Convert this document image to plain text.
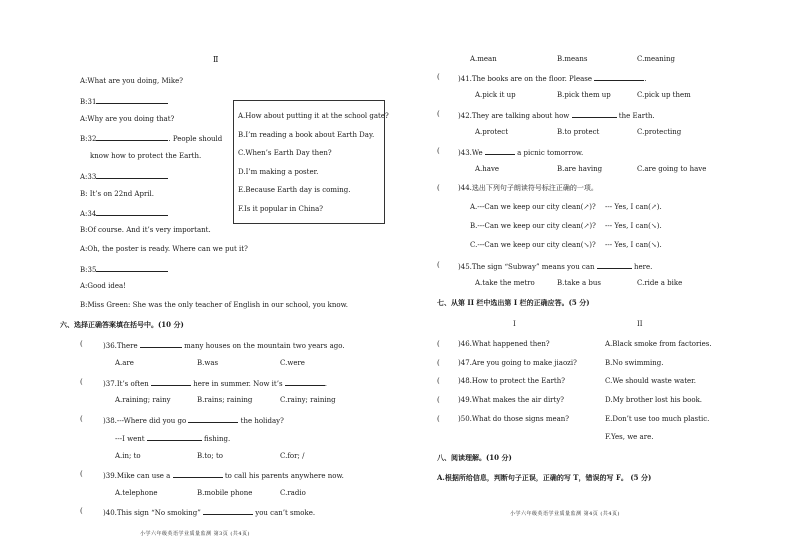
Ⅱ
A:What are you doing, Mike?
B:31
A:Why are you doing that?
B:32	. People should
know how to protect the Earth.
A:33
B: It’s on 22nd April.
A:34
B:Of course. And it’s very important.
A:Oh, the poster is ready. Where can we put it?
B:35
A:Good idea!
B:Miss Green: She was the only teacher of English in our school, you know.
A.How about putting it at the school gate?
B.I’m reading a book about Earth Day.
C.When’s Earth Day then?
D.I’m making a poster.
E.Because Earth day is coming.
F.Is it popular in China?
六、选择正确答案填在括号中。(10 分)
(	)36.There	many houses on the mountain two years ago.
A.are	B.was	C.were
(	)37.It’s often	here in summer. Now it’s	.
A.raining; rainy	B.rains; raining	C.rainy; raining
(	)38.---Where did you go	the holiday?
---I went	fishing.
A.in; to	B.to; to	C.for; /
(	)39.Mike can use a	to call his parents anywhere now.
A.telephone	B.mobile phone	C.radio
(	)40.This sign “No smoking”	you can’t smoke.
小学六年级英语学业质量监测 第3页 (共4页)
A.mean	B.means	C.meaning
(	)41.The books are on the floor. Please	.
A.pick it up	B.pick them up	C.pick up them
(	)42.They are talking about how	the Earth.
A.protect	B.to protect	C.protecting
(	)43.We	a picnic tomorrow.
A.have	B.are having	C.are going to have
(	)44.选出下列句子朗读符号标注正确的一项。
A.---Can we keep our city clean(↗)? --- Yes, I can(↗).
B.---Can we keep our city clean(↗)? --- Yes, I can(↘).
C.---Can we keep our city clean(↘)? --- Yes, I can(↘).
(	)45.The sign “Subway” means you can	here.
A.take the metro	B.take a bus	C.ride a bike
七、从第 II 栏中选出第 I 栏的正确应答。(5 分)
I	II
(	)46.What happened then?	A.Black smoke from factories.
(	)47.Are you going to make jiaozi?	B.No swimming.
(	)48.How to protect the Earth?	C.We should waste water.
(	)49.What makes the air dirty?	D.My brother lost his book.
(	)50.What do those signs mean?	E.Don’t use too much plastic.
F.Yes, we are.
八、阅读理解。(10 分)
A.根据所给信息，判断句子正误，正确的写 T，错误的写 F。 (5 分)
小学六年级英语学业质量监测 第4页 (共4页)
